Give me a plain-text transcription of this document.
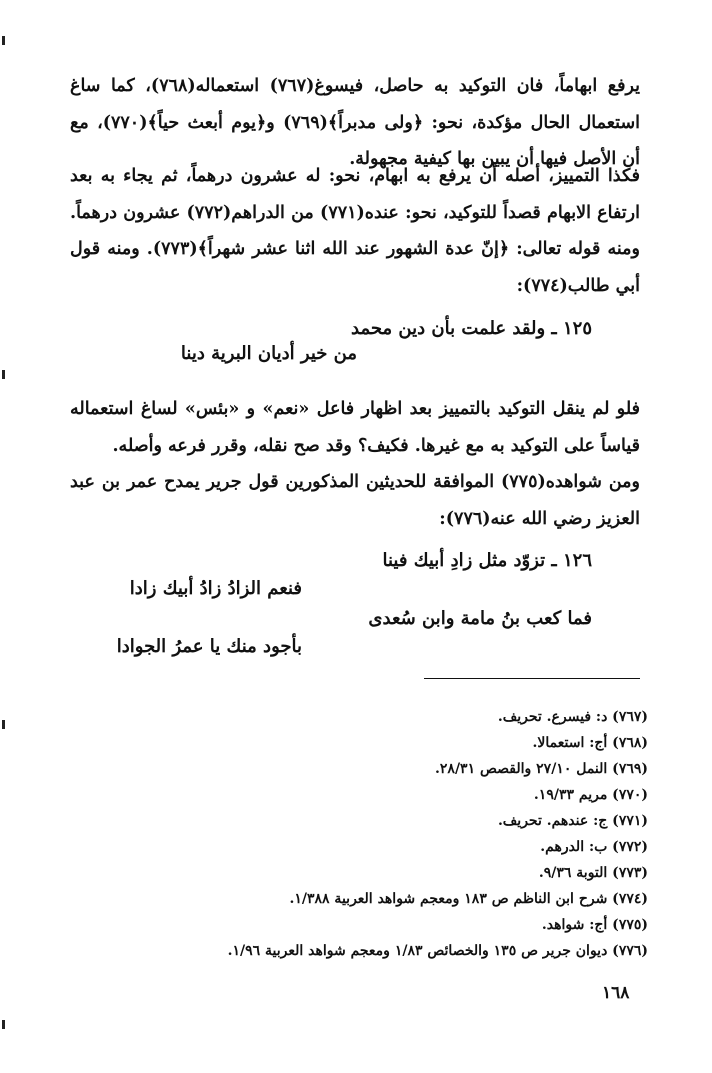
يرفع ابهاماً، فان التوكيد به حاصل، فيسوغ(٧٦٧) استعماله(٧٦٨)، كما ساغ استعمال الحال مؤكدة، نحو: ﴿ولى مدبراً﴾(٧٦٩) و﴿يوم أبعث حياً﴾(٧٧٠)، مع أن الأصل فيها أن يبين بها كيفية مجهولة.
فكذا التمييز، أصله أن يرفع به ابهام، نحو: له عشرون درهماً، ثم يجاء به بعد ارتفاع الابهام قصداً للتوكيد، نحو: عنده(٧٧١) من الدراهم(٧٧٢) عشرون درهماً. ومنه قوله تعالى: ﴿إنّ عدة الشهور عند الله اثنا عشر شهراً﴾(٧٧٣). ومنه قول أبي طالب(٧٧٤):
١٢٥ ـ ولقد علمت بأن دين محمد
من خير أديان البرية دينا
فلو لم ينقل التوكيد بالتمييز بعد اظهار فاعل «نعم» و «بئس» لساغ استعماله قياساً على التوكيد به مع غيرها. فكيف؟ وقد صح نقله، وقرر فرعه وأصله.
ومن شواهده(٧٧٥) الموافقة للحديثين المذكورين قول جرير يمدح عمر بن عبد العزيز رضي الله عنه(٧٧٦):
١٢٦ ـ تزوّد مثل زادِ أبيك فينا
فنعم الزادُ زادُ أبيك زادا
فما كعب بنُ مامة وابن سُعدى
بأجود منك يا عمرُ الجوادا
(٧٦٧) د: فيسرع. تحريف.
(٧٦٨) أج: استعمالا.
(٧٦٩) النمل ٢٧/١٠ والقصص ٢٨/٣١.
(٧٧٠) مريم ١٩/٣٣.
(٧٧١) ج: عندهم. تحريف.
(٧٧٢) ب: الدرهم.
(٧٧٣) التوبة ٩/٣٦.
(٧٧٤) شرح ابن الناظم ص ١٨٣ ومعجم شواهد العربية ١/٣٨٨.
(٧٧٥) أج: شواهد.
(٧٧٦) ديوان جرير ص ١٣٥ والخصائص ١/٨٣ ومعجم شواهد العربية ١/٩٦.
١٦٨
